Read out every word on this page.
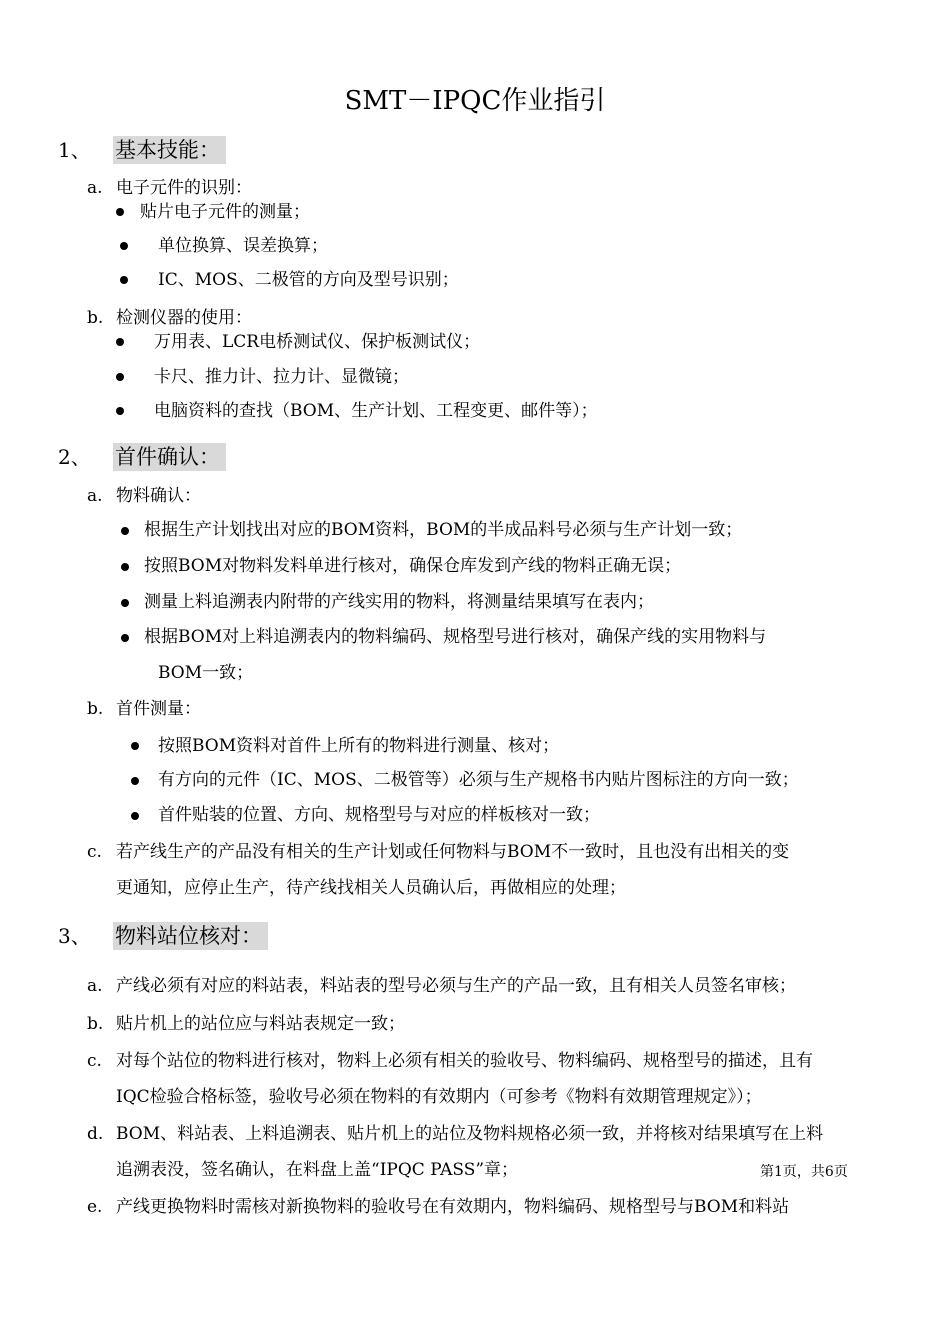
SMT－IPQC作业指引
1、 基本技能：
a. 电子元件的识别：
贴片电子元件的测量；
单位换算、误差换算；
IC、MOS、二极管的方向及型号识别；
b. 检测仪器的使用：
万用表、LCR电桥测试仪、保护板测试仪；
卡尺、推力计、拉力计、显微镜；
电脑资料的查找（BOM、生产计划、工程变更、邮件等）；
2、 首件确认：
a. 物料确认：
根据生产计划找出对应的BOM资料，BOM的半成品料号必须与生产计划一致；
按照BOM对物料发料单进行核对，确保仓库发到产线的物料正确无误；
测量上料追溯表内附带的产线实用的物料，将测量结果填写在表内；
根据BOM对上料追溯表内的物料编码、规格型号进行核对，确保产线的实用物料与
BOM一致；
b. 首件测量：
按照BOM资料对首件上所有的物料进行测量、核对；
有方向的元件（IC、MOS、二极管等）必须与生产规格书内贴片图标注的方向一致；
首件贴装的位置、方向、规格型号与对应的样板核对一致；
c. 若产线生产的产品没有相关的生产计划或任何物料与BOM不一致时，且也没有出相关的变
更通知，应停止生产，待产线找相关人员确认后，再做相应的处理；
3、 物料站位核对：
a. 产线必须有对应的料站表，料站表的型号必须与生产的产品一致，且有相关人员签名审核；
b. 贴片机上的站位应与料站表规定一致；
c. 对每个站位的物料进行核对，物料上必须有相关的验收号、物料编码、规格型号的描述，且有
IQC检验合格标签，验收号必须在物料的有效期内（可参考《物料有效期管理规定》）；
d. BOM、料站表、上料追溯表、贴片机上的站位及物料规格必须一致，并将核对结果填写在上料
追溯表没，签名确认，在料盘上盖“IPQC PASS”章；
e. 产线更换物料时需核对新换物料的验收号在有效期内，物料编码、规格型号与BOM和料站
第1页，共6页
